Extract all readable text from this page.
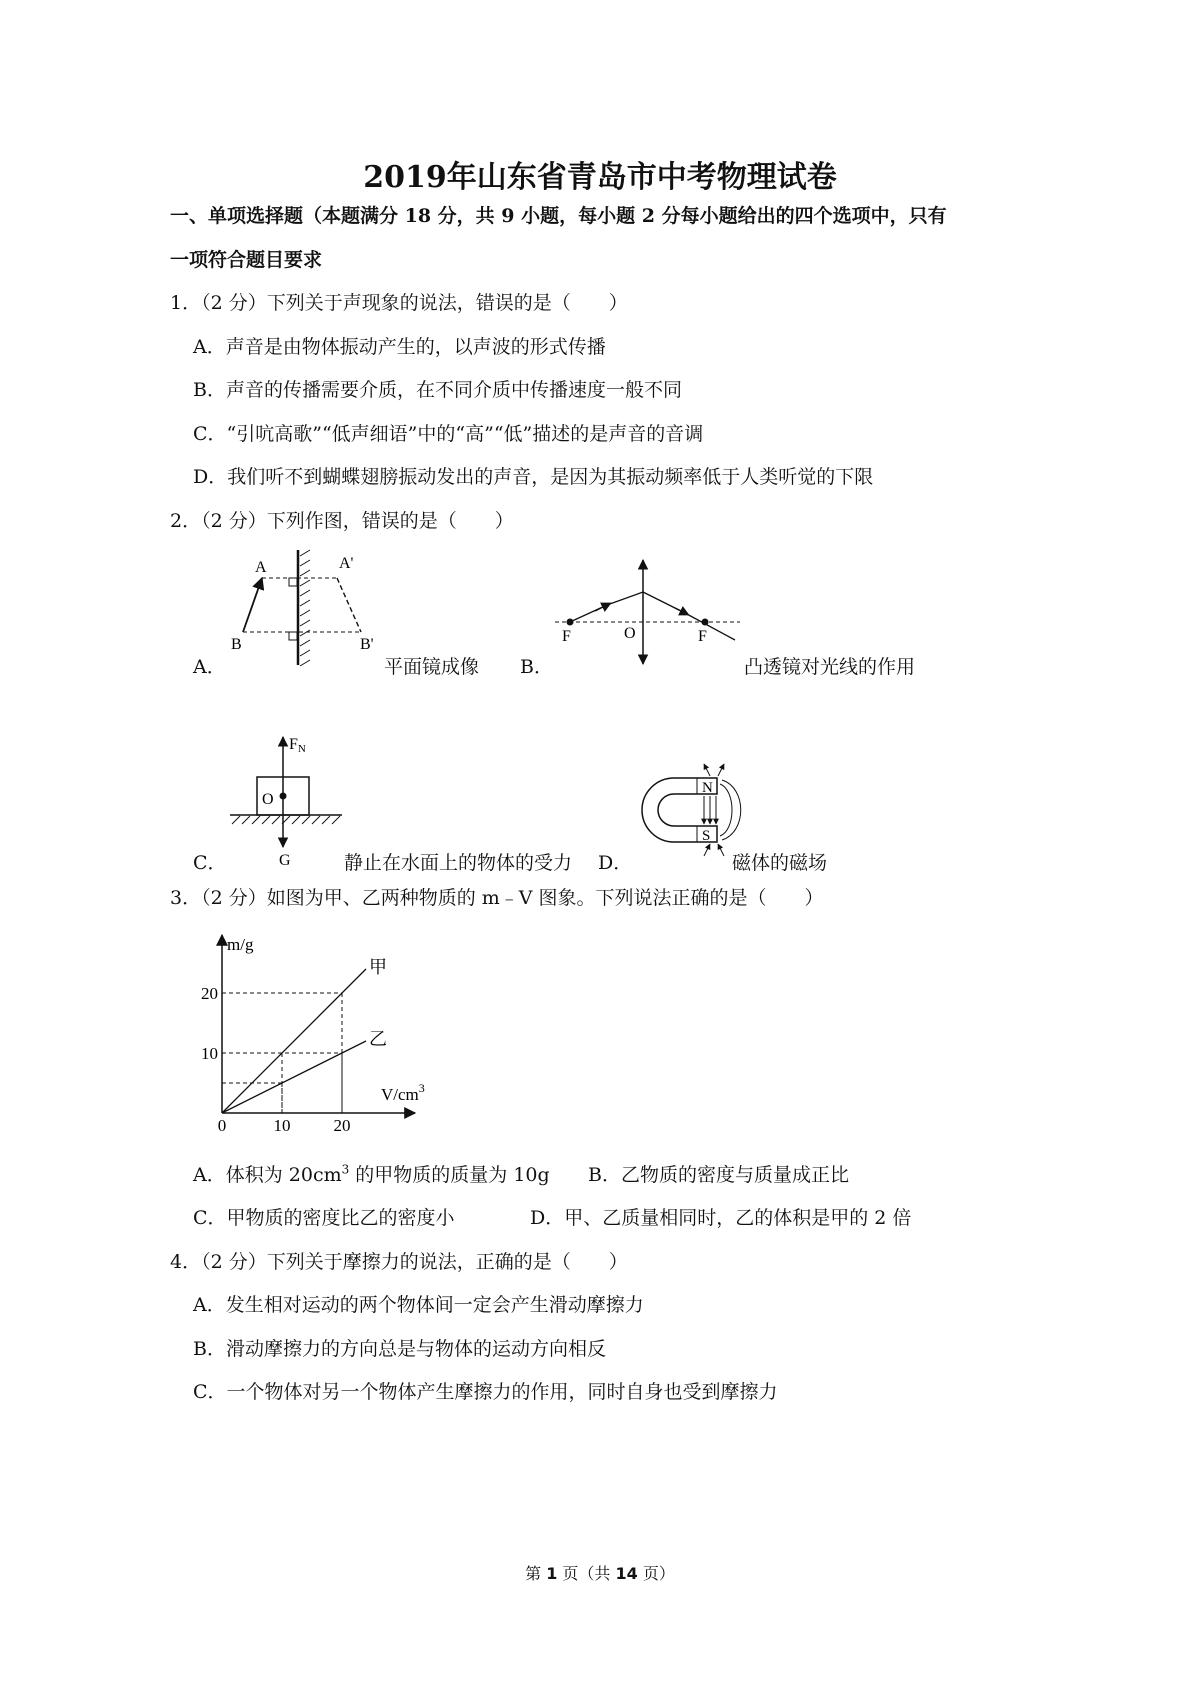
2019年山东省青岛市中考物理试卷
一、单项选择题（本题满分 18 分，共 9 小题，每小题 2 分每小题给出的四个选项中，只有
一项符合题目要求
1．（2 分）下列关于声现象的说法，错误的是（　　）
A．声音是由物体振动产生的，以声波的形式传播
B．声音的传播需要介质，在不同介质中传播速度一般不同
C．“引吭高歌”“低声细语”中的“高”“低”描述的是声音的音调
D．我们听不到蝴蝶翅膀振动发出的声音，是因为其振动频率低于人类听觉的下限
2．（2 分）下列作图，错误的是（　　）
A	A'
B	B'
A．	平面镜成像
F	O	F
B．	凸透镜对光线的作用
FN
O
G
C．	静止在水面上的物体的受力
N
S
D．	磁体的磁场
3．（2 分）如图为甲、乙两种物质的 m﹣V 图象。下列说法正确的是（　　）
甲
乙
0	10	20
10
20
m/g
$V/cm^3$
A．体积为 $20cm^3$ 的甲物质的质量为 10g B．乙物质的密度与质量成正比
C．甲物质的密度比乙的密度小	D．甲、乙质量相同时，乙的体积是甲的 2 倍
4．（2 分）下列关于摩擦力的说法，正确的是（　　）
A．发生相对运动的两个物体间一定会产生滑动摩擦力
B．滑动摩擦力的方向总是与物体的运动方向相反
C．一个物体对另一个物体产生摩擦力的作用，同时自身也受到摩擦力
第 1 页（共 14 页）
